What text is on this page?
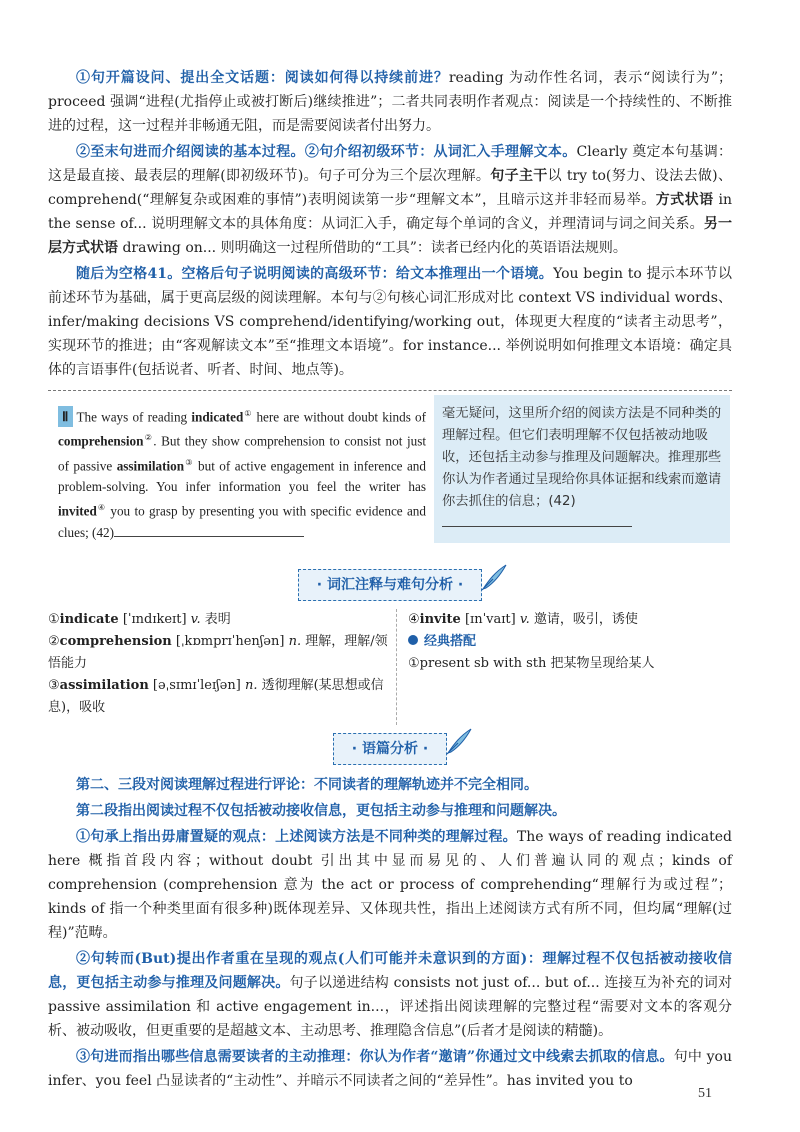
①句开篇设问、提出全文话题：阅读如何得以持续前进？reading 为动作性名词，表示“阅读行为”；proceed 强调“进程(尤指停止或被打断后)继续推进”；二者共同表明作者观点：阅读是一个持续性的、不断推进的过程，这一过程并非畅通无阻，而是需要阅读者付出努力。

②至末句进而介绍阅读的基本过程。②句介绍初级环节：从词汇入手理解文本。Clearly 奠定本句基调：这是最直接、最表层的理解(即初级环节)。句子可分为三个层次理解。句子主干以 try to(努力、设法去做)、comprehend(“理解复杂或困难的事情”)表明阅读第一步“理解文本”，且暗示这并非轻而易举。方式状语 in the sense of... 说明理解文本的具体角度：从词汇入手，确定每个单词的含义，并理清词与词之间关系。另一层方式状语 drawing on... 则明确这一过程所借助的“工具”：读者已经内化的英语语法规则。

随后为空格41。空格后句子说明阅读的高级环节：给文本推理出一个语境。You begin to 提示本环节以前述环节为基础，属于更高层级的阅读理解。本句与②句核心词汇形成对比 context VS individual words、infer/making decisions VS comprehend/identifying/working out，体现更大程度的“读者主动思考”，实现环节的推进；由“客观解读文本”至“推理文本语境”。for instance... 举例说明如何推理文本语境：确定具体的言语事件(包括说者、听者、时间、地点等)。

Ⅱ The ways of reading indicated① here are without doubt kinds of comprehension②. But they show comprehension to consist not just of passive assimilation③ but of active engagement in inference and problem-solving. You infer information you feel the writer has invited④ you to grasp by presenting you with specific evidence and clues; (42)
毫无疑问，这里所介绍的阅读方法是不同种类的理解过程。但它们表明理解不仅包括被动地吸收，还包括主动参与推理及问题解决。推理那些你认为作者通过呈现给你具体证据和线索而邀请你去抓住的信息；(42)
· 词汇注释与难句分析 ·
①indicate [ˈɪndɪkeɪt] v. 表明
②comprehension [ˌkɒmprɪˈhenʃən] n. 理解，理解/领悟能力
③assimilation [əˌsɪmɪˈleɪʃən] n. 透彻理解(某思想或信息)，吸收
④invite [ɪnˈvaɪt] v. 邀请，吸引，诱使
经典搭配
①present sb with sth 把某物呈现给某人
· 语篇分析 ·

第二、三段对阅读理解过程进行评论：不同读者的理解轨迹并不完全相同。

第二段指出阅读过程不仅包括被动接收信息，更包括主动参与推理和问题解决。

①句承上指出毋庸置疑的观点：上述阅读方法是不同种类的理解过程。The ways of reading indicated here 概指首段内容；without doubt 引出其中显而易见的、人们普遍认同的观点；kinds of comprehension (comprehension 意为 the act or process of comprehending“理解行为或过程”；kinds of 指一个种类里面有很多种)既体现差异、又体现共性，指出上述阅读方式有所不同，但均属“理解(过程)”范畴。

②句转而(But)提出作者重在呈现的观点(人们可能并未意识到的方面)：理解过程不仅包括被动接收信息，更包括主动参与推理及问题解决。句子以递进结构 consists not just of... but of... 连接互为补充的词对 passive assimilation 和 active engagement in...，评述指出阅读理解的完整过程“需要对文本的客观分析、被动吸收，但更重要的是超越文本、主动思考、推理隐含信息”(后者才是阅读的精髓)。

③句进而指出哪些信息需要读者的主动推理：你认为作者“邀请”你通过文中线索去抓取的信息。句中 you infer、you feel 凸显读者的“主动性”、并暗示不同读者之间的“差异性”。has invited you to

51
